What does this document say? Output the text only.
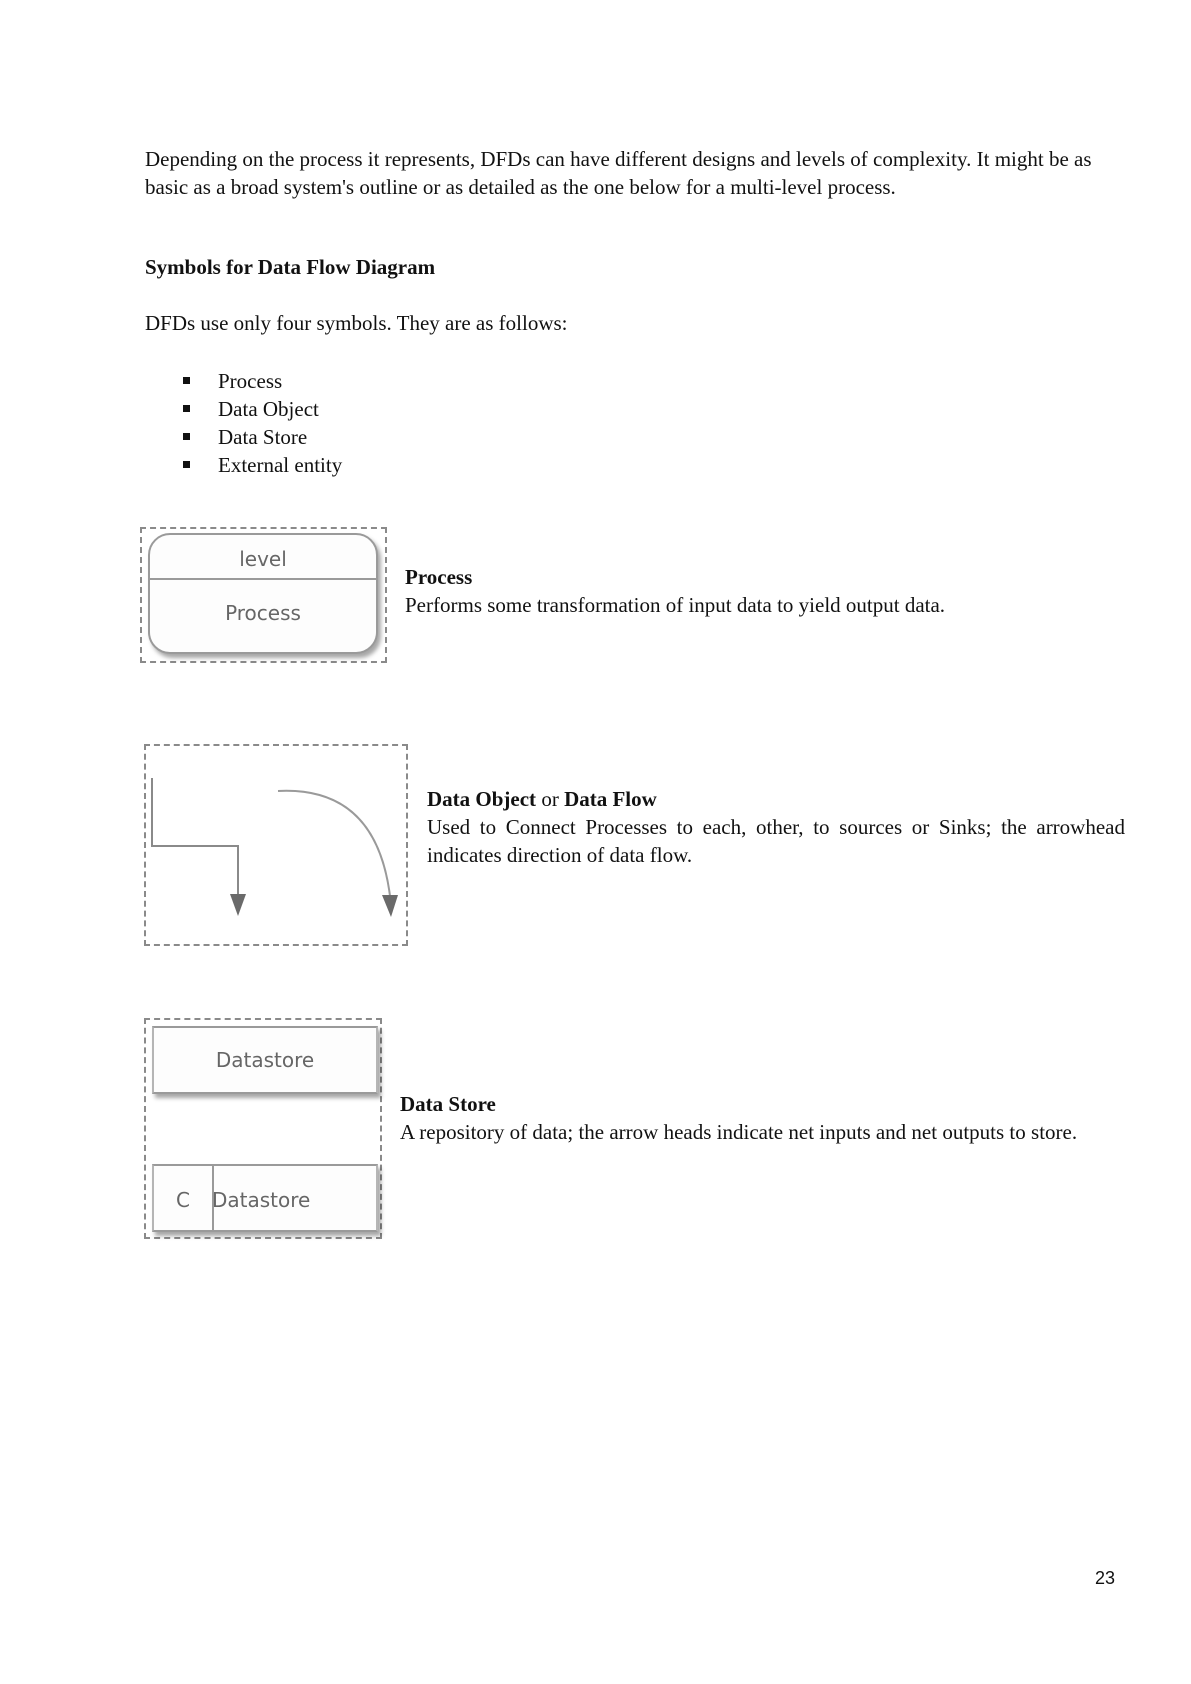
Depending on the process it represents, DFDs can have different designs and levels of complexity. It might be as basic as a broad system's outline or as detailed as the one below for a multi-level process.

Symbols for Data Flow Diagram

DFDs use only four symbols. They are as follows:

Process
Data Object
Data Store
External entity
level
Process

Process

Performs some transformation of input data to yield output data.

Data Object or Data Flow

Used to Connect Processes to each, other, to sources or Sinks; the arrowhead indicates direction of data flow.

Datastore
C	Datastore

Data Store

A repository of data; the arrow heads indicate net inputs and net outputs to store.

23
